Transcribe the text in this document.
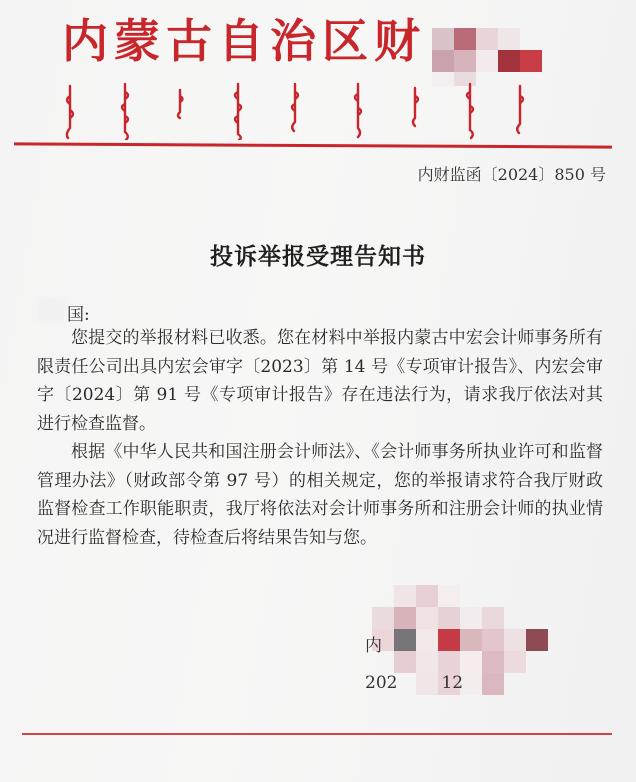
内蒙古自治区财
内财监函〔2024〕850 号
投诉举报受理告知书
国:

您提交的举报材料已收悉。您在材料中举报内蒙古中宏会计师事务所有限责任公司出具内宏会审字〔2023〕第 14 号《专项审计报告》、内宏会审字〔2024〕第 91 号《专项审计报告》存在违法行为，请求我厅依法对其进行检查监督。

根据《中华人民共和国注册会计师法》、《会计师事务所执业许可和监督管理办法》（财政部令第 97 号）的相关规定，您的举报请求符合我厅财政监督检查工作职能职责，我厅将依法对会计师事务所和注册会计师的执业情况进行监督检查，待检查后将结果告知与您。

内
202	12
